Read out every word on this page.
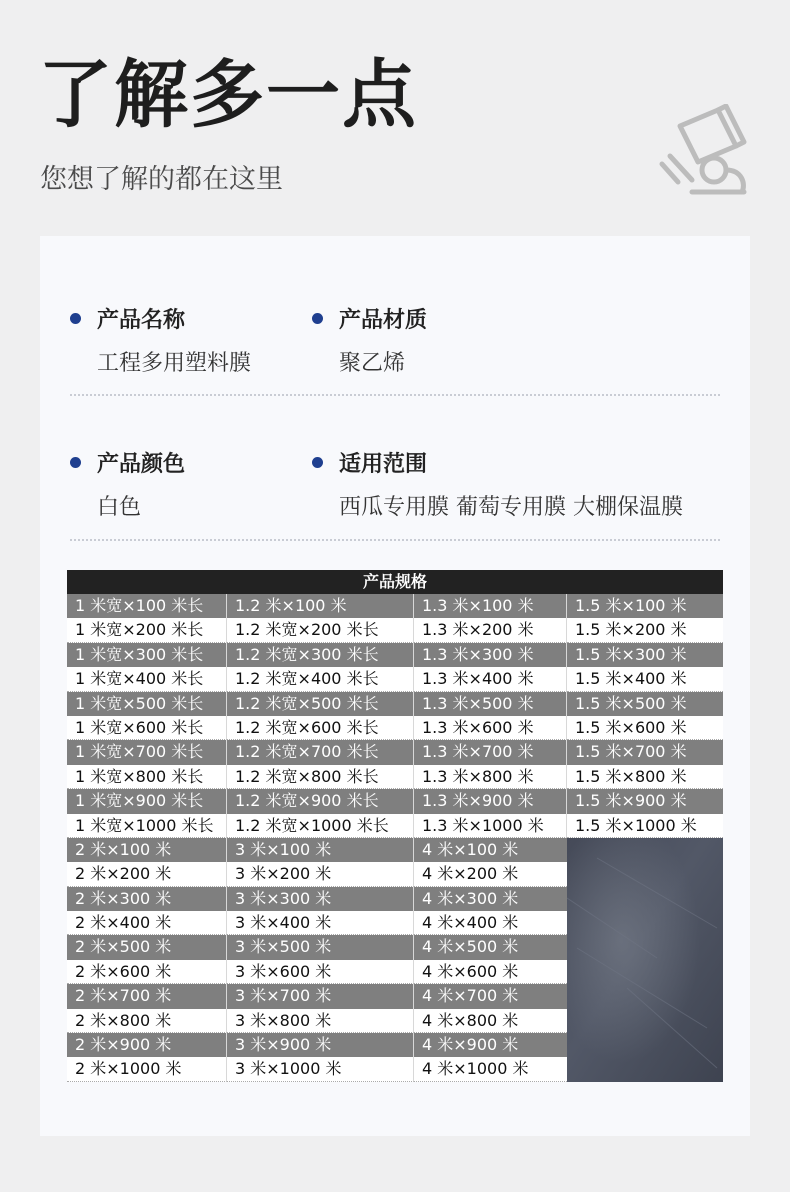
了解多一点
您想了解的都在这里
产品名称
工程多用塑料膜
产品材质
聚乙烯
产品颜色
白色
适用范围
西瓜专用膜 葡萄专用膜 大棚保温膜
产品规格
1 米宽×100 米长	1.2 米×100 米	1.3 米×100 米	1.5 米×100 米
1 米宽×200 米长	1.2 米宽×200 米长	1.3 米×200 米	1.5 米×200 米
1 米宽×300 米长	1.2 米宽×300 米长	1.3 米×300 米	1.5 米×300 米
1 米宽×400 米长	1.2 米宽×400 米长	1.3 米×400 米	1.5 米×400 米
1 米宽×500 米长	1.2 米宽×500 米长	1.3 米×500 米	1.5 米×500 米
1 米宽×600 米长	1.2 米宽×600 米长	1.3 米×600 米	1.5 米×600 米
1 米宽×700 米长	1.2 米宽×700 米长	1.3 米×700 米	1.5 米×700 米
1 米宽×800 米长	1.2 米宽×800 米长	1.3 米×800 米	1.5 米×800 米
1 米宽×900 米长	1.2 米宽×900 米长	1.3 米×900 米	1.5 米×900 米
1 米宽×1000 米长	1.2 米宽×1000 米长	1.3 米×1000 米	1.5 米×1000 米
2 米×100 米	3 米×100 米	4 米×100 米
2 米×200 米	3 米×200 米	4 米×200 米
2 米×300 米	3 米×300 米	4 米×300 米
2 米×400 米	3 米×400 米	4 米×400 米
2 米×500 米	3 米×500 米	4 米×500 米
2 米×600 米	3 米×600 米	4 米×600 米
2 米×700 米	3 米×700 米	4 米×700 米
2 米×800 米	3 米×800 米	4 米×800 米
2 米×900 米	3 米×900 米	4 米×900 米
2 米×1000 米	3 米×1000 米	4 米×1000 米
